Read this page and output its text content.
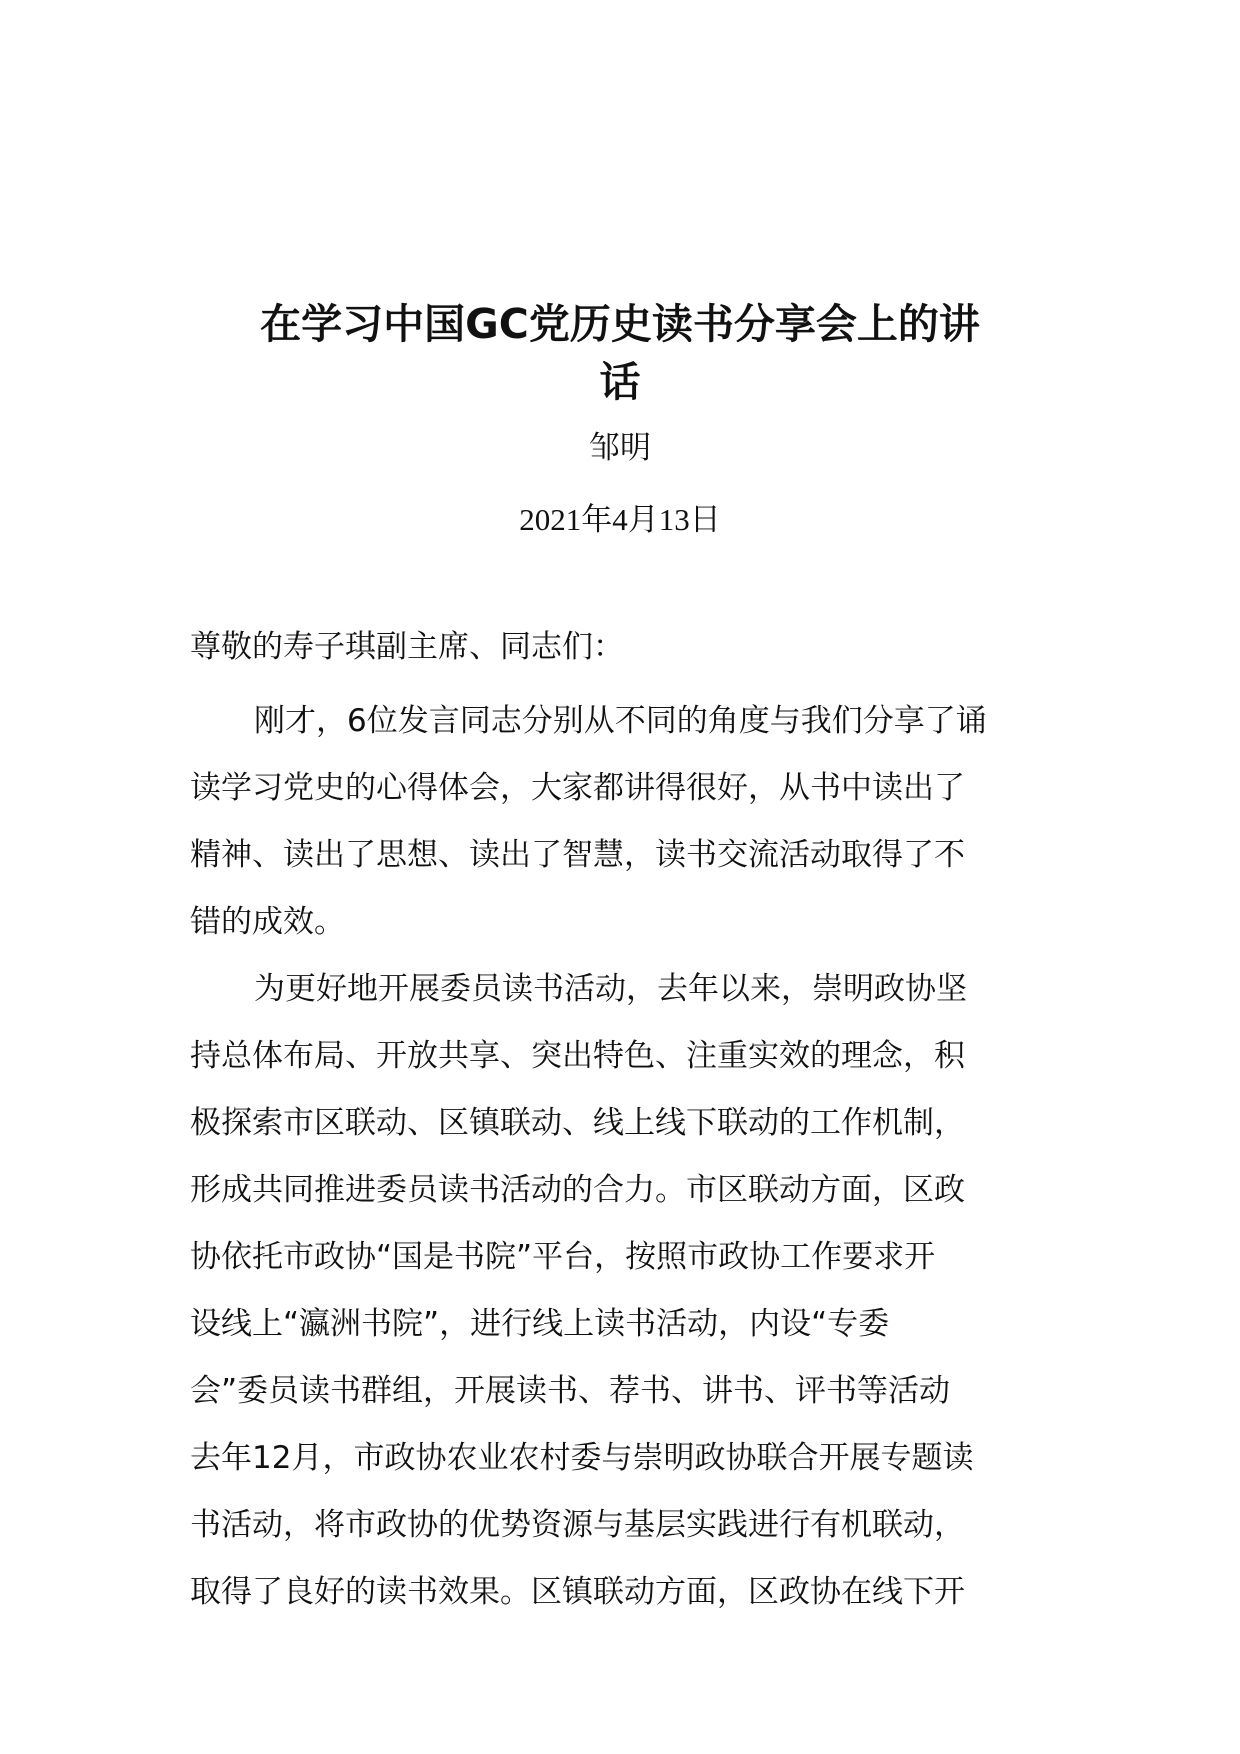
在学习中国GC党历史读书分享会上的讲
话
邹明
2021年4月13日
尊敬的寿子琪副主席、同志们：
刚才，6位发言同志分别从不同的角度与我们分享了诵
读学习党史的心得体会，大家都讲得很好，从书中读出了
精神、读出了思想、读出了智慧，读书交流活动取得了不
错的成效。
为更好地开展委员读书活动，去年以来，崇明政协坚
持总体布局、开放共享、突出特色、注重实效的理念，积
极探索市区联动、区镇联动、线上线下联动的工作机制，
形成共同推进委员读书活动的合力。市区联动方面，区政
协依托市政协“国是书院”平台，按照市政协工作要求开
设线上“瀛洲书院”，进行线上读书活动，内设“专委
会”委员读书群组，开展读书、荐书、讲书、评书等活动
去年12月，市政协农业农村委与崇明政协联合开展专题读
书活动，将市政协的优势资源与基层实践进行有机联动，
取得了良好的读书效果。区镇联动方面，区政协在线下开
